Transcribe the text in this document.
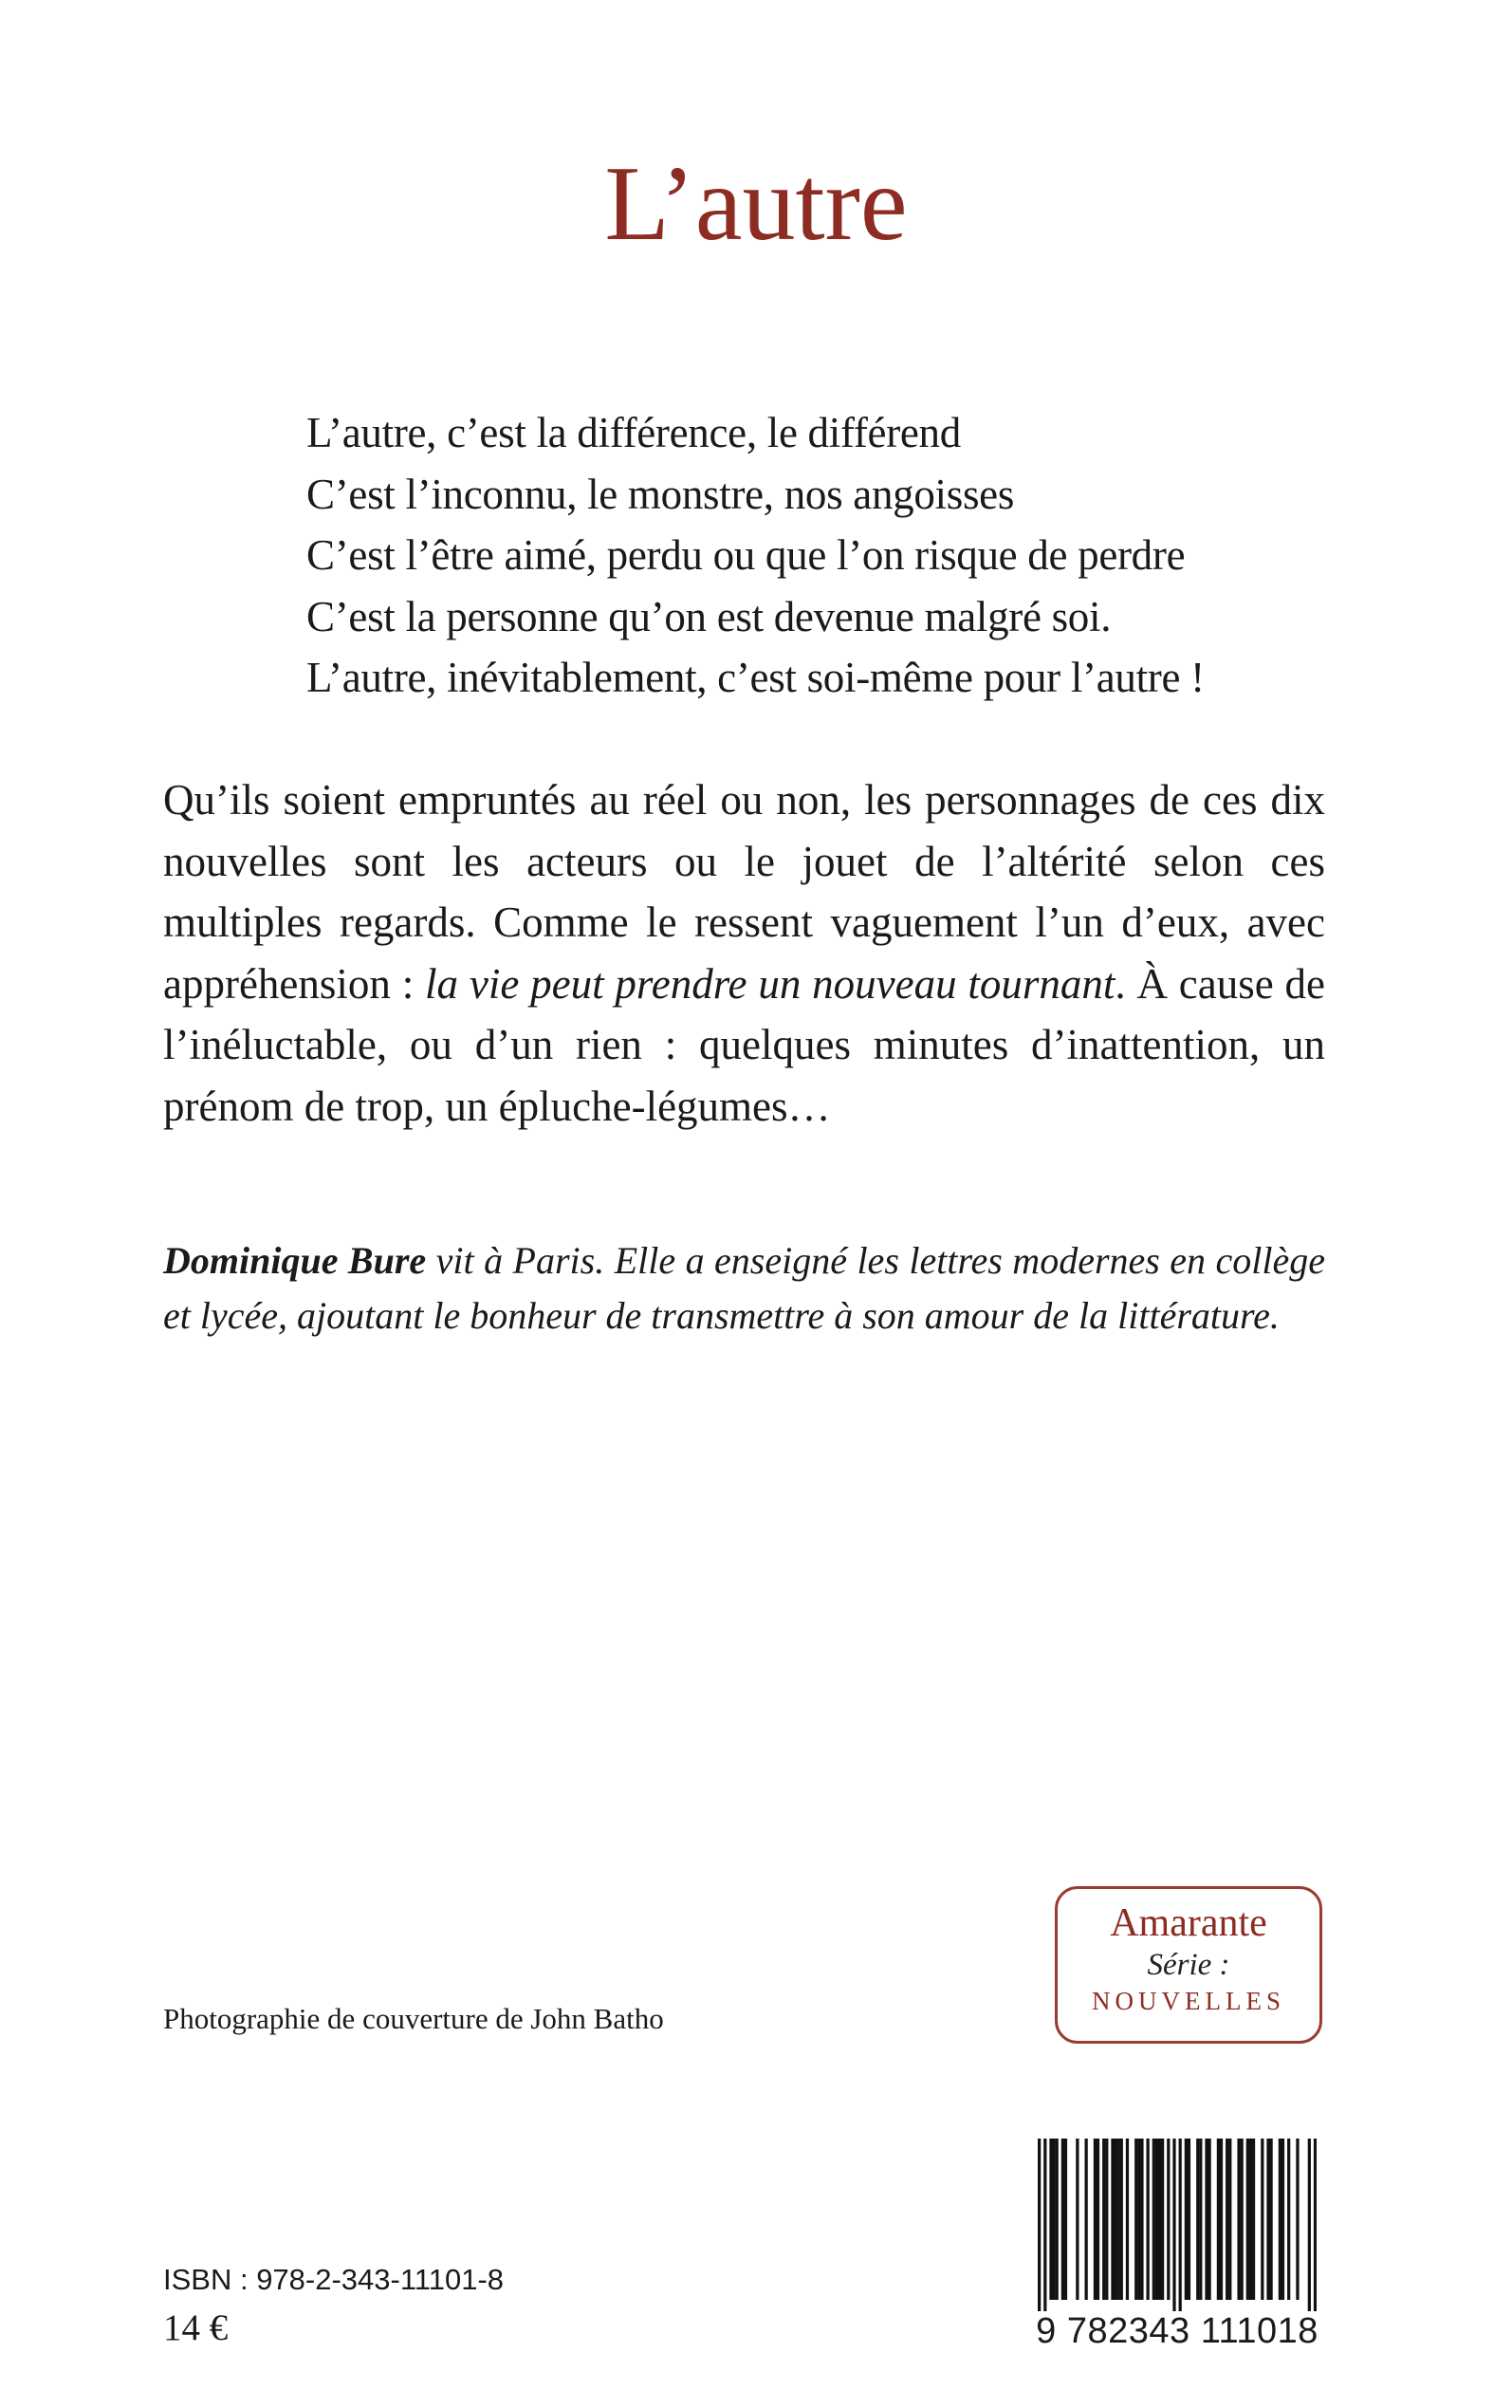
L’autre
L’autre, c’est la différence, le différend
C’est l’inconnu, le monstre, nos angoisses
C’est l’être aimé, perdu ou que l’on risque de perdre
C’est la personne qu’on est devenue malgré soi.
L’autre, inévitablement, c’est soi-même pour l’autre !
Qu’ils soient empruntés au réel ou non, les personnages de ces dix nouvelles sont les acteurs ou le jouet de l’altérité selon ces multiples regards. Comme le ressent vaguement l’un d’eux, avec appréhension : la vie peut prendre un nouveau tournant. À cause de l’inéluctable, ou d’un rien : quelques minutes d’inattention, un prénom de trop, un épluche-légumes…
Dominique Bure vit à Paris. Elle a enseigné les lettres modernes en collège et lycée, ajoutant le bonheur de transmettre à son amour de la littérature.
Photographie de couverture de John Batho
Amarante
Série :
NOUVELLES
ISBN : 978-2-343-11101-8
14 €	9 782343 111018
